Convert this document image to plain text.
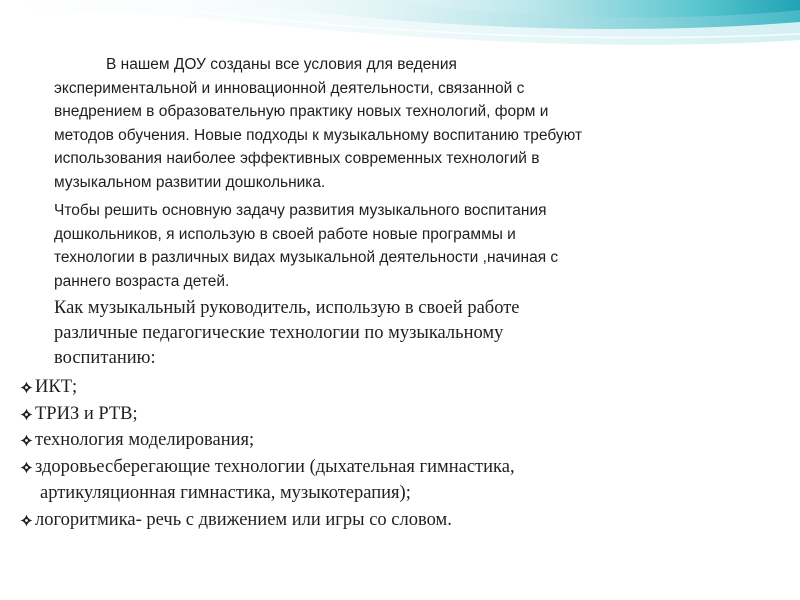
В нашем ДОУ созданы все условия для ведения
экспериментальной и инновационной деятельности, связанной с
внедрением в образовательную практику новых технологий, форм и
методов обучения. Новые подходы к музыкальному воспитанию требуют
использования наиболее эффективных современных технологий в
музыкальном развитии дошкольника.
Чтобы решить основную задачу развития музыкального воспитания
дошкольников, я использую в своей работе новые программы и
технологии в различных видах музыкальной деятельности ,начиная с
раннего возраста детей.
Как музыкальный руководитель, использую в своей работе
различные педагогические технологии по музыкальному
воспитанию:
ИКТ;
ТРИЗ и РТВ;
технология моделирования;
здоровьесберегающие технологии (дыхательная гимнастика,
артикуляционная гимнастика, музыкотерапия);
логоритмика- речь с движением или игры со словом.
